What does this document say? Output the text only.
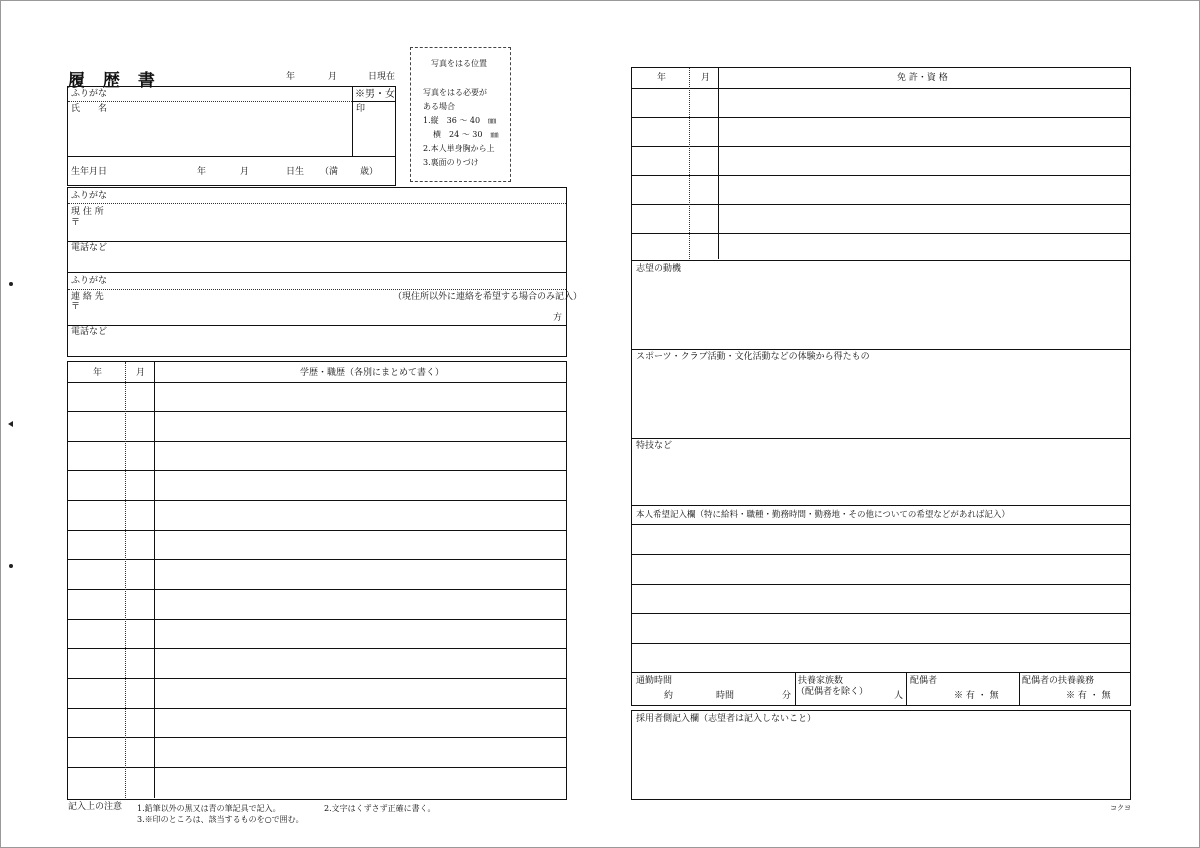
履 歴 書	年	月	日現在
写真をはる位置
写真をはる必要が
ある場合
1.縦　36 ～ 40　㎜
横　24 ～ 30　㎜
2.本人単身胸から上
3.裏面のりづけ
ふりがな	※男・女
氏　　名	印
生年月日	年	月	日生 （満 歳）
ふりがな
現 住 所
〒
電話など
ふりがな
連 絡 先	（現住所以外に連絡を希望する場合のみ記入）
〒
方
電話など
年	月	学歴・職歴（各別にまとめて書く）
記入上の注意 1.鉛筆以外の黒又は青の筆記具で記入。	2.文字はくずさず正確に書く。
3.※印のところは、該当するものを○で囲む。
年	月	免 許・資 格
志望の動機
スポーツ・クラブ活動・文化活動などの体験から得たもの
特技など
本人希望記入欄（特に給料・職種・勤務時間・勤務地・その他についての希望などがあれば記入）
通勤時間
約	時間	分
扶養家族数
（配偶者を除く）	人
配偶者
※ 有 ・ 無
配偶者の扶養義務
※ 有 ・ 無
採用者側記入欄（志望者は記入しないこと）
コクヨ
